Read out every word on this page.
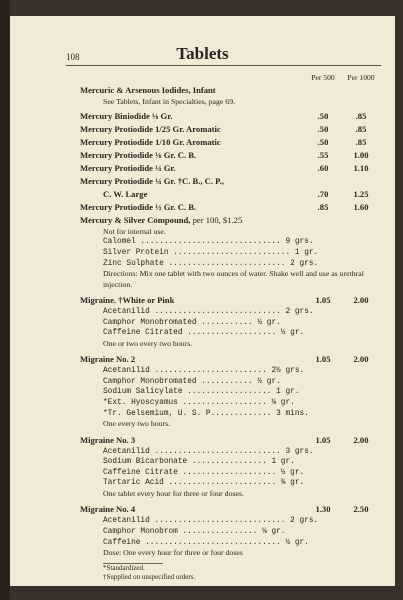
108	Tablets
Per 500	Per 1000
Mercuric & Arsenous Iodides, Infant
See Tablets, Infant in Specialties, page 69.
Mercury Biniodide ⅛ Gr.	.50	.85
Mercury Protiodide 1/25 Gr. Aromatic	.50	.85
Mercury Protiodide 1/10 Gr. Aromatic	.50	.85
Mercury Protiodide ⅛ Gr. C. B.	.55	1.00
Mercury Protiodide ¼ Gr.	.60	1.10
Mercury Protiodide ¼ Gr. †C. B., C. P.,
C. W. Large	.70	1.25
Mercury Protiodide ½ Gr. C. B.	.85	1.60
Mercury & Silver Compound, per 100, $1.25
Not for internal use.
Calomel .............................. 9 grs.
Silver Protein ......................... 1 gr.
Zinc Sulphate ......................... 2 grs.
Directions: Mix one tablet with two ounces of water. Shake well and use as urethral injection.
Migraine. †White or Pink	1.05	2.00
Acetanilid ........................... 2 grs.
Camphor Monobromated ........... ½ gr.
Caffeine Citrated ................... ½ gr.
One or two every two hours.
Migraine No. 2	1.05	2.00
Acetanilid ........................ 2½ grs.
Camphor Monobromated ........... ½ gr.
Sodium Salicylate .................. 1 gr.
*Ext. Hyoscyamus .................. ⅛ gr.
*Tr. Gelsemium, U. S. P............. 3 mins.
One every two hours.
Migraine No. 3	1.05	2.00
Acetanilid ........................... 3 grs.
Sodium Bicarbonate ................ 1 gr.
Caffeine Citrate .................... ½ gr.
Tartaric Acid ....................... ⅜ gr.
One tablet every hour for three or four doses.
Migraine No. 4	1.30	2.50
Acetanilid ............................ 2 grs.
Camphor Monobrom ................ ⅛ gr.
Caffeine ............................. ½ gr.
Dose: One every hour for three or four doses
*Standardized.
†Supplied on unspecified orders.
